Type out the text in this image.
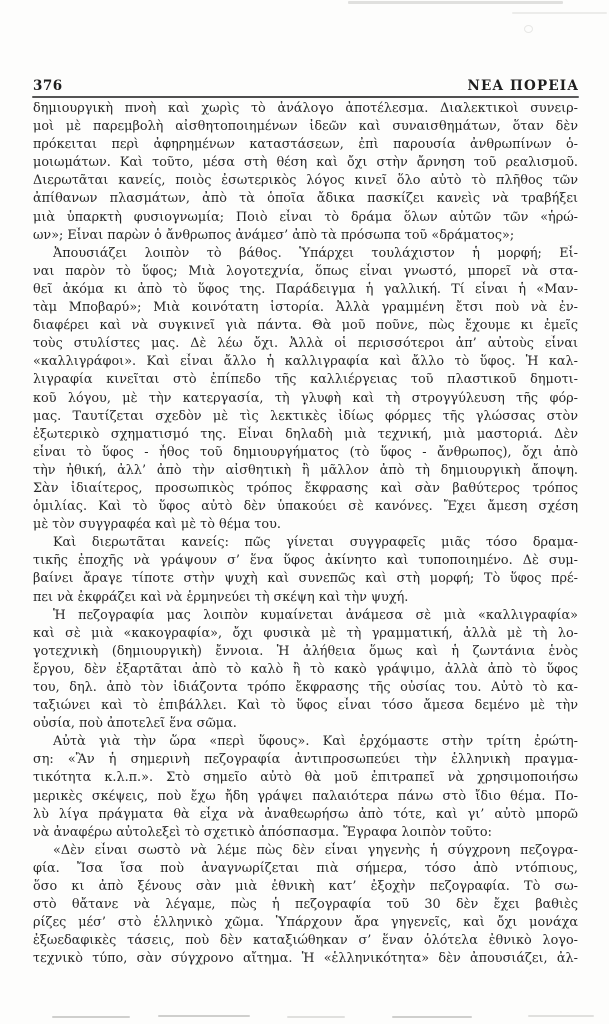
376	ΝΕΑ ΠΟΡΕΙΑ
δημιουργικὴ πνοὴ καὶ χωρὶς τὸ ἀνάλογο ἀποτέλεσμα. Διαλεκτικοὶ συνειρ-
μοὶ μὲ παρεμβολὴ αἰσθητοποιημένων ἰδεῶν καὶ συναισθημάτων, ὅταν δὲν
πρόκειται περὶ ἀφηρημένων καταστάσεων, ἐπὶ παρουσία ἀνθρωπίνων ὁ-
μοιωμάτων. Καὶ τοῦτο, μέσα στὴ θέση καὶ ὄχι στὴν ἄρνηση τοῦ ρεαλισμοῦ.
Διερωτᾶται κανείς, ποιὸς ἐσωτερικὸς λόγος κινεῖ ὅλο αὐτὸ τὸ πλῆθος τῶν
ἀπίθανων πλασμάτων, ἀπὸ τὰ ὁποῖα ἄδικα πασκίζει κανεὶς νὰ τραβήξει
μιὰ ὑπαρκτὴ φυσιογνωμία; Ποιὸ εἶναι τὸ δράμα ὅλων αὐτῶν τῶν «ἡρώ-
ων»; Εἶναι παρὼν ὁ ἄνθρωπος ἀνάμεσ’ ἀπὸ τὰ πρόσωπα τοῦ «δράματος»;
Ἀπουσιάζει λοιπὸν τὸ βάθος. Ὑπάρχει τουλάχιστον ἡ μορφή; Εἶ-
ναι παρὸν τὸ ὕφος; Μιὰ λογοτεχνία, ὅπως εἶναι γνωστό, μπορεῖ νὰ στα-
θεῖ ἀκόμα κι ἀπὸ τὸ ὕφος της. Παράδειγμα ἡ γαλλική. Τί εἶναι ἡ «Μαν-
τὰμ Μποβαρύ»; Μιὰ κοινότατη ἱστορία. Ἀλλὰ γραμμένη ἔτσι ποὺ νὰ ἐν-
διαφέρει καὶ νὰ συγκινεῖ γιὰ πάντα. Θὰ μοῦ ποῦνε, πὼς ἔχουμε κι ἐμεῖς
τοὺς στυλίστες μας. Δὲ λέω ὄχι. Ἀλλὰ οἱ περισσότεροι ἀπ’ αὐτοὺς εἶναι
«καλλιγράφοι». Καὶ εἶναι ἄλλο ἡ καλλιγραφία καὶ ἄλλο τὸ ὕφος. Ἡ καλ-
λιγραφία κινεῖται στὸ ἐπίπεδο τῆς καλλιέργειας τοῦ πλαστικοῦ δημοτι-
κοῦ λόγου, μὲ τὴν κατεργασία, τὴ γλυφὴ καὶ τὴ στρογγύλευση τῆς φόρ-
μας. Ταυτίζεται σχεδὸν μὲ τὶς λεκτικὲς ἰδίως φόρμες τῆς γλώσσας στὸν
ἐξωτερικὸ σχηματισμό της. Εἶναι δηλαδὴ μιὰ τεχνική, μιὰ μαστοριά. Δὲν
εἶναι τὸ ὕφος - ἦθος τοῦ δημιουργήματος (τὸ ὕφος - ἄνθρωπος), ὄχι ἀπὸ
τὴν ἠθική, ἀλλ’ ἀπὸ τὴν αἰσθητικὴ ἢ μᾶλλον ἀπὸ τὴ δημιουργικὴ ἄποψη.
Σὰν ἰδιαίτερος, προσωπικὸς τρόπος ἔκφρασης καὶ σὰν βαθύτερος τρόπος
ὁμιλίας. Καὶ τὸ ὕφος αὐτὸ δὲν ὑπακούει σὲ κανόνες. Ἔχει ἄμεση σχέση
μὲ τὸν συγγραφέα καὶ μὲ τὸ θέμα του.
Καὶ διερωτᾶται κανείς: πῶς γίνεται συγγραφεῖς μιᾶς τόσο δραμα-
τικῆς ἐποχῆς νὰ γράψουν σ’ ἕνα ὕφος ἀκίνητο καὶ τυποποιημένο. Δὲ συμ-
βαίνει ἄραγε τίποτε στὴν ψυχὴ καὶ συνεπῶς καὶ στὴ μορφή; Τὸ ὕφος πρέ-
πει νὰ ἐκφράζει καὶ νὰ ἑρμηνεύει τὴ σκέψη καὶ τὴν ψυχή.
Ἡ πεζογραφία μας λοιπὸν κυμαίνεται ἀνάμεσα σὲ μιὰ «καλλιγραφία»
καὶ σὲ μιὰ «κακογραφία», ὄχι φυσικὰ μὲ τὴ γραμματική, ἀλλὰ μὲ τὴ λο-
γοτεχνικὴ (δημιουργικὴ) ἔννοια. Ἡ ἀλήθεια ὅμως καὶ ἡ ζωντάνια ἑνὸς
ἔργου, δὲν ἐξαρτᾶται ἀπὸ τὸ καλὸ ἢ τὸ κακὸ γράψιμο, ἀλλὰ ἀπὸ τὸ ὕφος
του, δηλ. ἀπὸ τὸν ἰδιάζοντα τρόπο ἔκφρασης τῆς οὐσίας του. Αὐτὸ τὸ κα-
ταξιώνει καὶ τὸ ἐπιβάλλει. Καὶ τὸ ὕφος εἶναι τόσο ἄμεσα δεμένο μὲ τὴν
οὐσία, ποὺ ἀποτελεῖ ἕνα σῶμα.
Αὐτὰ γιὰ τὴν ὥρα «περὶ ὕφους». Καὶ ἐρχόμαστε στὴν τρίτη ἐρώτη-
ση: «Ἂν ἡ σημερινὴ πεζογραφία ἀντιπροσωπεύει τὴν ἑλληνικὴ πραγμα-
τικότητα κ.λ.π.». Στὸ σημεῖο αὐτὸ θὰ μοῦ ἐπιτραπεῖ νὰ χρησιμοποιήσω
μερικὲς σκέψεις, ποὺ ἔχω ἤδη γράψει παλαιότερα πάνω στὸ ἴδιο θέμα. Πο-
λὺ λίγα πράγματα θὰ εἶχα νὰ ἀναθεωρήσω ἀπὸ τότε, καὶ γι’ αὐτὸ μπορῶ
νὰ ἀναφέρω αὐτολεξεὶ τὸ σχετικὸ ἀπόσπασμα. Ἔγραφα λοιπὸν τοῦτο:
«Δὲν εἶναι σωστὸ νὰ λέμε πὼς δὲν εἶναι γηγενὴς ἡ σύγχρονη πεζογρα-
φία. Ἴσα ἴσα ποὺ ἀναγνωρίζεται πιὰ σήμερα, τόσο ἀπὸ ντόπιους,
ὅσο κι ἀπὸ ξένους σὰν μιὰ ἐθνικὴ κατ’ ἐξοχὴν πεζογραφία. Τὸ σω-
στὸ θἄτανε νὰ λέγαμε, πὼς ἡ πεζογραφία τοῦ 30 δὲν ἔχει βαθιὲς
ρίζες μέσ’ στὸ ἑλληνικὸ χῶμα. Ὑπάρχουν ἄρα γηγενεῖς, καὶ ὄχι μονάχα
ἐξωεδαφικὲς τάσεις, ποὺ δὲν καταξιώθηκαν σ’ ἕναν ὁλότελα ἐθνικὸ λογο-
τεχνικὸ τύπο, σὰν σύγχρονο αἴτημα. Ἡ «ἑλληνικότητα» δὲν ἀπουσιάζει, ἀλ-
